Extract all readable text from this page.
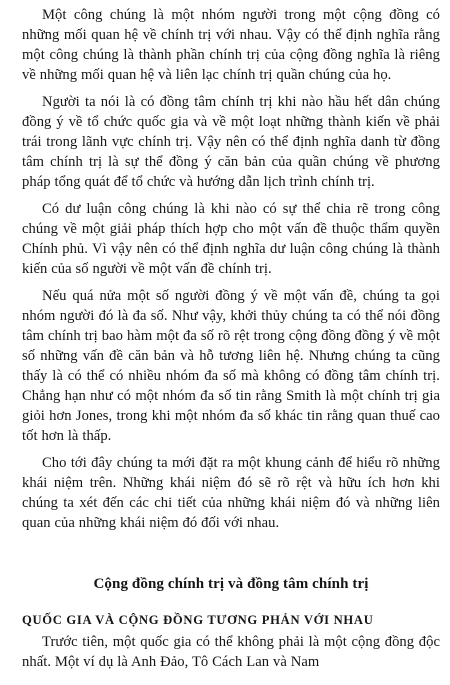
Một công chúng là một nhóm người trong một cộng đồng có những mối quan hệ về chính trị với nhau. Vậy có thể định nghĩa rằng một công chúng là thành phần chính trị của cộng đồng nghĩa là riêng về những mối quan hệ và liên lạc chính trị quần chúng của họ.

Người ta nói là có đồng tâm chính trị khi nào hầu hết dân chúng đồng ý về tổ chức quốc gia và về một loạt những thành kiến về phải trái trong lãnh vực chính trị. Vậy nên có thể định nghĩa danh từ đồng tâm chính trị là sự thể đồng ý căn bản của quần chúng về phương pháp tổng quát để tổ chức và hướng dẫn lịch trình chính trị.

Có dư luận công chúng là khi nào có sự thể chia rẽ trong công chúng về một giải pháp thích hợp cho một vấn đề thuộc thẩm quyền Chính phủ. Vì vậy nên có thể định nghĩa dư luận công chúng là thành kiến của số người về một vấn đề chính trị.

Nếu quá nửa một số người đồng ý về một vấn đề, chúng ta gọi nhóm người đó là đa số. Như vậy, khởi thủy chúng ta có thể nói đồng tâm chính trị bao hàm một đa số rõ rệt trong cộng đồng đồng ý về một số những vấn đề căn bản và hỗ tương liên hệ. Nhưng chúng ta cũng thấy là có thể có nhiều nhóm đa số mà không có đồng tâm chính trị. Chẳng hạn như có một nhóm đa số tin rằng Smith là một chính trị gia giỏi hơn Jones, trong khi một nhóm đa số khác tin rằng quan thuế cao tốt hơn là thấp.

Cho tới đây chúng ta mới đặt ra một khung cảnh để hiểu rõ những khái niệm trên. Những khái niệm đó sẽ rõ rệt và hữu ích hơn khi chúng ta xét đến các chi tiết của những khái niệm đó và những liên quan của những khái niệm đó đối với nhau.

Cộng đồng chính trị và đồng tâm chính trị
QUỐC GIA VÀ CỘNG ĐỒNG TƯƠNG PHẢN VỚI NHAU

Trước tiên, một quốc gia có thể không phải là một cộng đồng độc nhất. Một ví dụ là Anh Đảo, Tô Cách Lan và Nam
